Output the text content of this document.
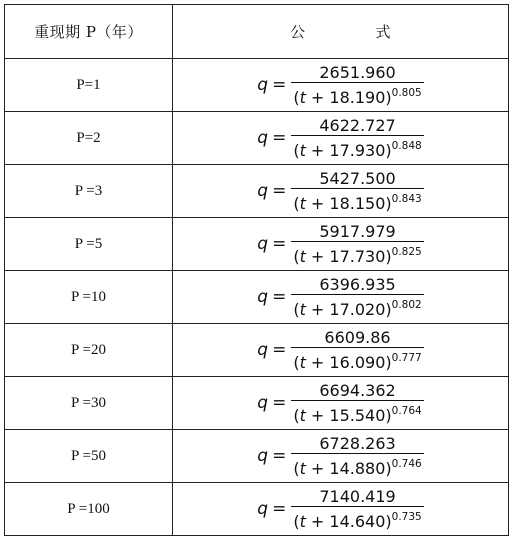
重现期 P（年）	公 式
P=1	$q = \frac{2651.960}{(t + 18.190)^{0.805}}$

P=2	$q = \frac{4622.727}{(t + 17.930)^{0.848}}$

P =3	$q = \frac{5427.500}{(t + 18.150)^{0.843}}$

P =5	$q = \frac{5917.979}{(t + 17.730)^{0.825}}$

P =10	$q = \frac{6396.935}{(t + 17.020)^{0.802}}$

P =20	$q = \frac{6609.86}{(t + 16.090)^{0.777}}$

P =30	$q = \frac{6694.362}{(t + 15.540)^{0.764}}$

P =50	$q = \frac{6728.263}{(t + 14.880)^{0.746}}$

P =100	$q = \frac{7140.419}{(t + 14.640)^{0.735}}$
